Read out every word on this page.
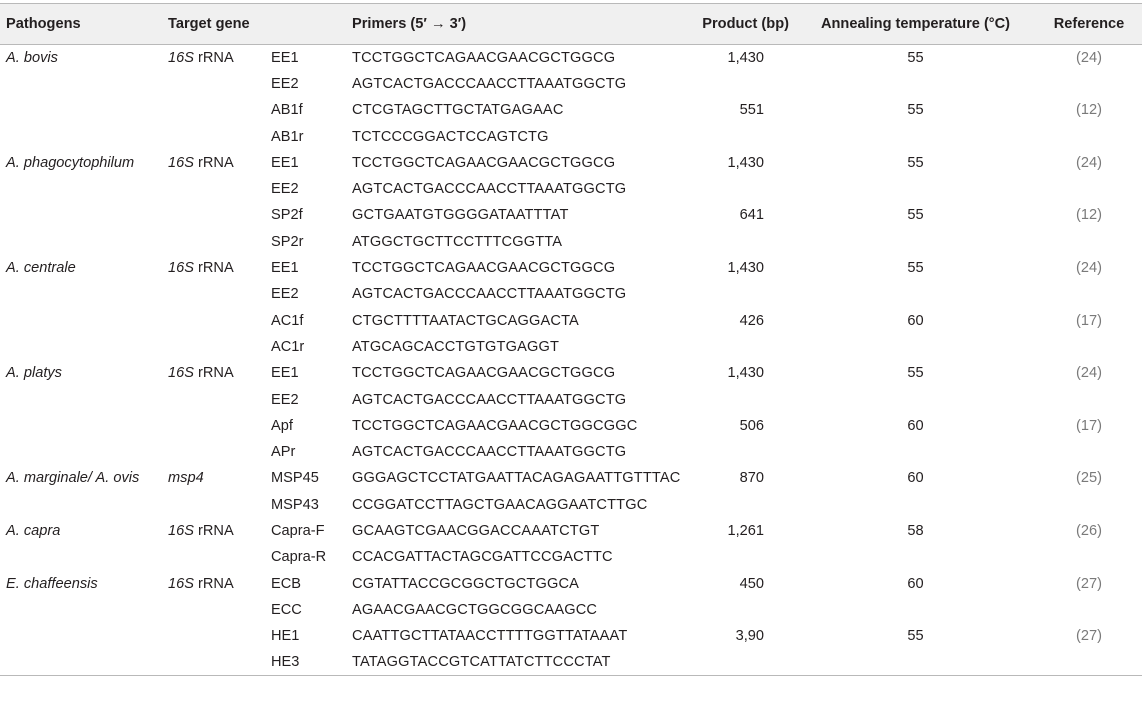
Pathogens	Target gene		Primers (5′ → 3′)	Product (bp)	Annealing temperature (°C)	Reference
A. bovis	16S rRNA	EE1	TCCTGGCTCAGAACGAACGCTGGCG	1,430	55	(24)
		EE2	AGTCACTGACCCAACCTTAAATGGCTG			
		AB1f	CTCGTAGCTTGCTATGAGAAC	551	55	(12)
		AB1r	TCTCCCGGACTCCAGTCTG			
A. phagocytophilum	16S rRNA	EE1	TCCTGGCTCAGAACGAACGCTGGCG	1,430	55	(24)
		EE2	AGTCACTGACCCAACCTTAAATGGCTG			
		SP2f	GCTGAATGTGGGGATAATTTAT	641	55	(12)
		SP2r	ATGGCTGCTTCCTTTCGGTTA			
A. centrale	16S rRNA	EE1	TCCTGGCTCAGAACGAACGCTGGCG	1,430	55	(24)
		EE2	AGTCACTGACCCAACCTTAAATGGCTG			
		AC1f	CTGCTTTTAATACTGCAGGACTA	426	60	(17)
		AC1r	ATGCAGCACCTGTGTGAGGT			
A. platys	16S rRNA	EE1	TCCTGGCTCAGAACGAACGCTGGCG	1,430	55	(24)
		EE2	AGTCACTGACCCAACCTTAAATGGCTG			
		Apf	TCCTGGCTCAGAACGAACGCTGGCGGC	506	60	(17)
		APr	AGTCACTGACCCAACCTTAAATGGCTG			
A. marginale/ A. ovis	msp4	MSP45	GGGAGCTCCTATGAATTACAGAGAATTGTTTAC	870	60	(25)
		MSP43	CCGGATCCTTAGCTGAACAGGAATCTTGC			
A. capra	16S rRNA	Capra-F	GCAAGTCGAACGGACCAAATCTGT	1,261	58	(26)
		Capra-R	CCACGATTACTAGCGATTCCGACTTC			
E. chaffeensis	16S rRNA	ECB	CGTATTACCGCGGCTGCTGGCA	450	60	(27)
		ECC	AGAACGAACGCTGGCGGCAAGCC			
		HE1	CAATTGCTTATAACCTTTTGGTTATAAAT	3,90	55	(27)
		HE3	TATAGGTACCGTCATTATCTTCCCTAT			
